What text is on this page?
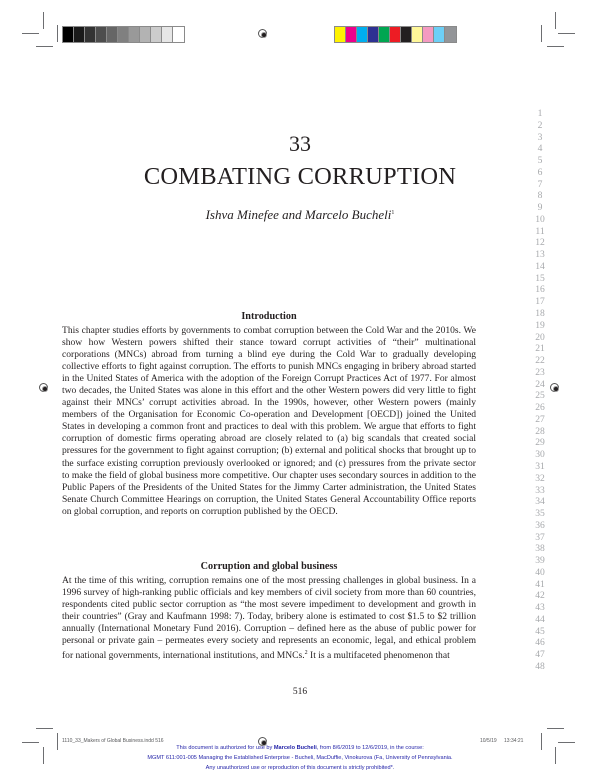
33
COMBATING CORRUPTION
Ishva Minefee and Marcelo Bucheli$^1$
1
2
3
4
5
6
7
8
9
10
11
12
13
14
15
16
17
18
19
20
21
22
23
24
25
26
27
28
29
30
31
32
33
34
35
36
37
38
39
40
41
42
43
44
45
46
47
48
Introduction
This chapter studies efforts by governments to combat corruption between the Cold War and the 2010s. We show how Western powers shifted their stance toward corrupt activities of “their” multinational corporations (MNCs) abroad from turning a blind eye during the Cold War to gradually developing collective efforts to fight against corruption. The efforts to punish MNCs engaging in bribery abroad started in the United States of America with the adoption of the Foreign Corrupt Practices Act of 1977. For almost two decades, the United States was alone in this effort and the other Western powers did very little to fight against their MNCs’ corrupt activities abroad. In the 1990s, however, other Western powers (mainly members of the Organisation for Economic Co-operation and Development [OECD]) joined the United States in developing a common front and practices to deal with this problem. We argue that efforts to fight corruption of domestic firms operating abroad are closely related to (a) big scandals that created social pressures for the government to fight against corruption; (b) external and political shocks that brought up to the surface existing corruption previously overlooked or ignored; and (c) pressures from the private sector to make the field of global business more competitive. Our chapter uses secondary sources in addition to the Public Papers of the Presidents of the United States for the Jimmy Carter administration, the United States Senate Church Committee Hearings on corruption, the United States General Accountability Office reports on global corruption, and reports on corruption published by the OECD.
Corruption and global business
At the time of this writing, corruption remains one of the most pressing challenges in global business. In a 1996 survey of high-ranking public officials and key members of civil society from more than 60 countries, respondents cited public sector corruption as “the most severe impediment to development and growth in their countries” (Gray and Kaufmann 1998: 7). Today, bribery alone is estimated to cost $1.5 to $2 trillion annually (International Monetary Fund 2016). Corruption – defined here as the abuse of public power for personal or private gain – permeates every society and represents an economic, legal, and ethical problem for national governments, international institutions, and MNCs.$^2$ It is a multifaceted phenomenon that
516
1110_33_Makers of Global Business.indd 516	10/5/19 13:34:21
This document is authorized for use by Marcelo Bucheli, from 8/6/2019 to 12/6/2019, in the course:
MGMT 611:001-005 Managing the Established Enterprise - Bucheli, MacDuffie, Vinokurova (Fa, University of Pennsylvania.
Any unauthorized use or reproduction of this document is strictly prohibited*.
